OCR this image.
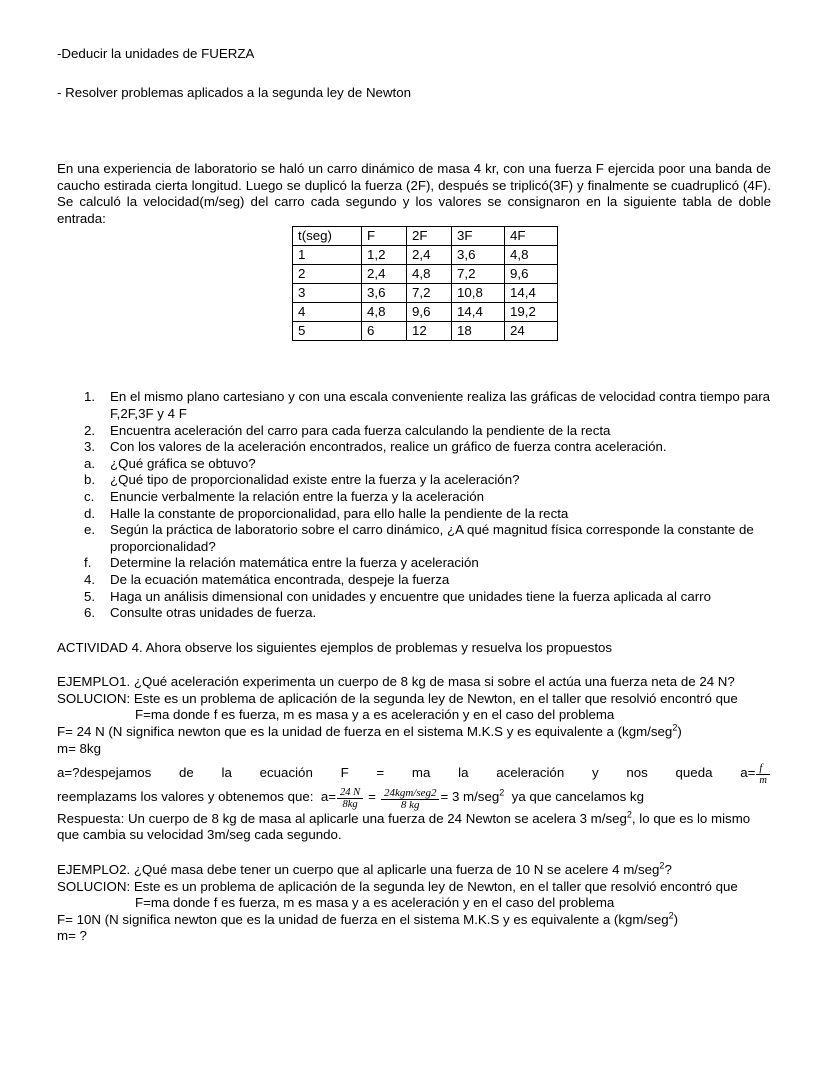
-Deducir la unidades de FUERZA

- Resolver problemas aplicados a la segunda ley de Newton

En una experiencia de laboratorio se haló un carro dinámico de masa 4 kr, con una fuerza F ejercida poor una banda de caucho estirada cierta longitud. Luego se duplicó la fuerza (2F), después se triplicó(3F) y finalmente se cuadruplicó (4F). Se calculó la velocidad(m/seg) del carro cada segundo y los valores se consignaron en la siguiente tabla de doble entrada:

t(seg)	F	2F	3F	4F
1	1,2	2,4	3,6	4,8
2	2,4	4,8	7,2	9,6
3	3,6	7,2	10,8	14,4
4	4,8	9,6	14,4	19,2
5	6	12	18	24
1.	En el mismo plano cartesiano y con una escala conveniente realiza las gráficas de velocidad contra tiempo para F,2F,3F y 4 F
2.	Encuentra aceleración del carro para cada fuerza calculando la pendiente de la recta
3.	Con los valores de la aceleración encontrados, realice un gráfico de fuerza contra aceleración.
a.	¿Qué gráfica se obtuvo?
b.	¿Qué tipo de proporcionalidad existe entre la fuerza y la aceleración?
c.	Enuncie verbalmente la relación entre la fuerza y la aceleración
d.	Halle la constante de proporcionalidad, para ello halle la pendiente de la recta
e.	Según la práctica de laboratorio sobre el carro dinámico, ¿A qué magnitud física corresponde la constante de proporcionalidad?
f.	Determine la relación matemática entre la fuerza y aceleración
4.	De la ecuación matemática encontrada, despeje la fuerza
5.	Haga un análisis dimensional con unidades y encuentre que unidades tiene la fuerza aplicada al carro
6.	Consulte otras unidades de fuerza.

ACTIVIDAD 4. Ahora observe los siguientes ejemplos de problemas y resuelva los propuestos

EJEMPLO1. ¿Qué aceleración experimenta un cuerpo de 8 kg de masa si sobre el actúa una fuerza neta de 24 N?

SOLUCION: Este es un problema de aplicación de la segunda ley de Newton, en el taller que resolvió encontró que

F=ma donde f es fuerza, m es masa y a es aceleración y en el caso del problema

F= 24 N (N significa newton que es la unidad de fuerza en el sistema M.K.S y es equivalente a (kgm/seg$^2$)

m= 8kg

a=?despejamos de la ecuación F = ma la aceleración y nos queda $a= \frac{f}{m}$

reemplazams los valores y obtenemos que: $a= \frac{24 N}{8kg} = \frac{\text{24kgm/seg2}}{8 kg} = 3$ m/seg$^2$ ya que cancelamos kg

Respuesta: Un cuerpo de 8 kg de masa al aplicarle una fuerza de 24 Newton se acelera 3 m/seg$^2$, lo que es lo mismo que cambia su velocidad 3m/seg cada segundo.

EJEMPLO2. ¿Qué masa debe tener un cuerpo que al aplicarle una fuerza de 10 N se acelere 4 m/seg$^2$?

SOLUCION: Este es un problema de aplicación de la segunda ley de Newton, en el taller que resolvió encontró que

F=ma donde f es fuerza, m es masa y a es aceleración y en el caso del problema

F= 10N (N significa newton que es la unidad de fuerza en el sistema M.K.S y es equivalente a (kgm/seg$^2$)

m= ?
